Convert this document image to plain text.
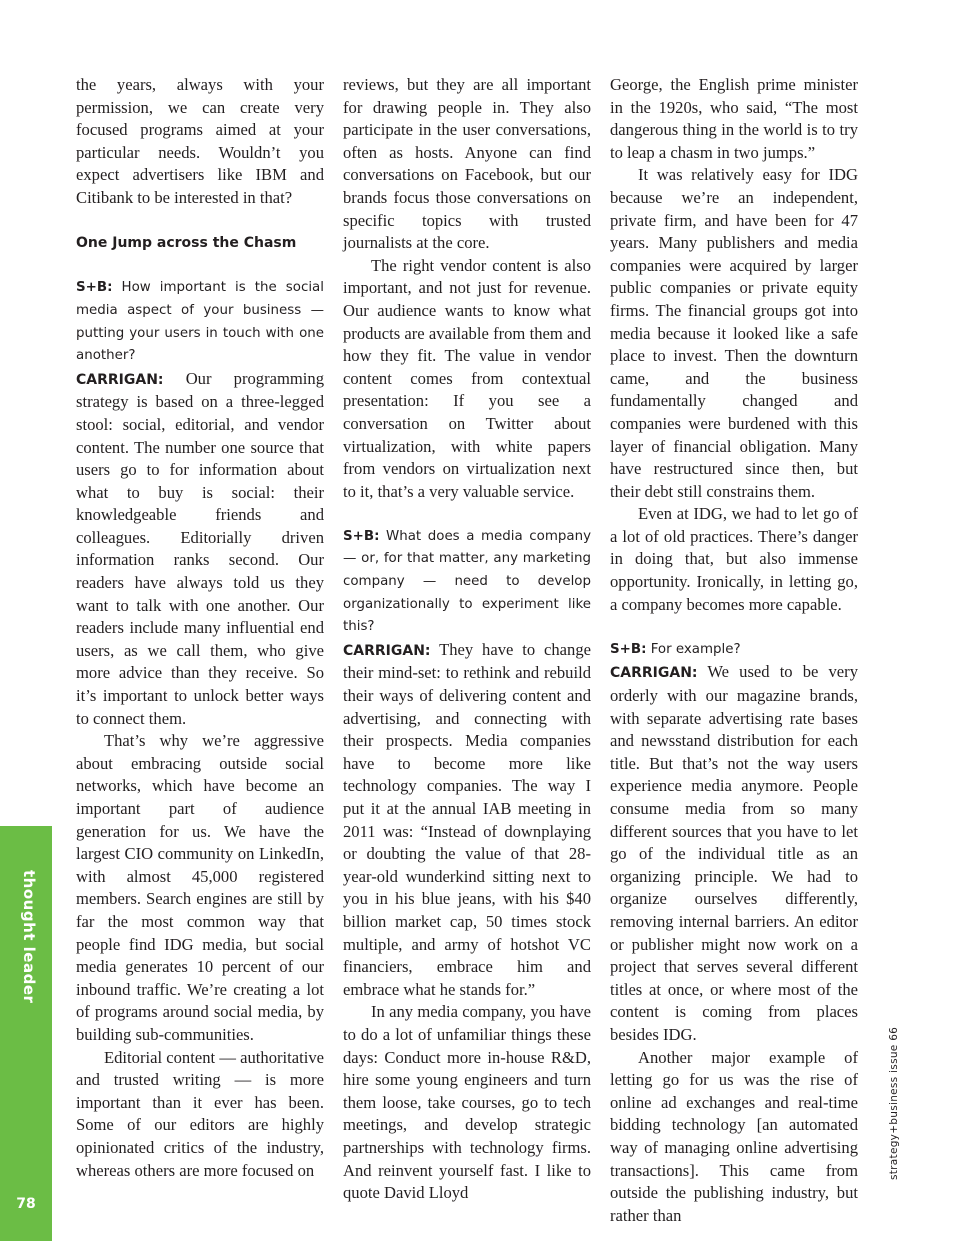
the years, always with your permission, we can create very focused programs aimed at your particular needs. Wouldn’t you expect advertisers like IBM and Citibank to be interested in that?

One Jump across the Chasm

S+B: How important is the social media aspect of your business — putting your users in touch with one another?

CARRIGAN: Our programming strategy is based on a three-legged stool: social, editorial, and vendor content. The number one source that users go to for information about what to buy is social: their knowledgeable friends and colleagues. Editorially driven information ranks second. Our readers have always told us they want to talk with one another. Our readers include many influential end users, as we call them, who give more advice than they receive. So it’s important to unlock better ways to connect them.

That’s why we’re aggressive about embracing outside social networks, which have become an important part of audience generation for us. We have the largest CIO community on LinkedIn, with almost 45,000 registered members. Search engines are still by far the most common way that people find IDG media, but social media generates 10 percent of our inbound traffic. We’re creating a lot of programs around social media, by building sub-communities.

Editorial content — authoritative and trusted writing — is more important than it ever has been. Some of our editors are highly opinionated critics of the industry, whereas others are more focused on

reviews, but they are all important for drawing people in. They also participate in the user conversations, often as hosts. Anyone can find conversations on Facebook, but our brands focus those conversations on specific topics with trusted journalists at the core.

The right vendor content is also important, and not just for revenue. Our audience wants to know what products are available from them and how they fit. The value in vendor content comes from contextual presentation: If you see a conversation on Twitter about virtualization, with white papers from vendors on virtualization next to it, that’s a very valuable service.

S+B: What does a media company — or, for that matter, any marketing company — need to develop organizationally to experiment like this?

CARRIGAN: They have to change their mind-set: to rethink and rebuild their ways of delivering content and advertising, and connecting with their prospects. Media companies have to become more like technology companies. The way I put it at the annual IAB meeting in 2011 was: “Instead of downplaying or doubting the value of that 28-year-old wunderkind sitting next to you in his blue jeans, with his $40 billion market cap, 50 times stock multiple, and army of hotshot VC financiers, embrace him and embrace what he stands for.”

In any media company, you have to do a lot of unfamiliar things these days: Conduct more in-house R&D, hire some young engineers and turn them loose, take courses, go to tech meetings, and develop strategic partnerships with technology firms. And reinvent yourself fast. I like to quote David Lloyd

George, the English prime minister in the 1920s, who said, “The most dangerous thing in the world is to try to leap a chasm in two jumps.”

It was relatively easy for IDG because we’re an independent, private firm, and have been for 47 years. Many publishers and media companies were acquired by larger public companies or private equity firms. The financial groups got into media because it looked like a safe place to invest. Then the downturn came, and the business fundamentally changed and companies were burdened with this layer of financial obligation. Many have restructured since then, but their debt still constrains them.

Even at IDG, we had to let go of a lot of old practices. There’s danger in doing that, but also immense opportunity. Ironically, in letting go, a company becomes more capable.

S+B: For example?

CARRIGAN: We used to be very orderly with our magazine brands, with separate advertising rate bases and newsstand distribution for each title. But that’s not the way users experience media anymore. People consume media from so many different sources that you have to let go of the individual title as an organizing principle. We had to organize ourselves differently, removing internal barriers. An editor or publisher might now work on a project that serves several different titles at once, or where most of the content is coming from places besides IDG.

Another major example of letting go for us was the rise of online ad exchanges and real-time bidding technology [an automated way of managing online advertising transactions]. This came from outside the publishing industry, but rather than

thought leader
78
strategy+business issue 66
